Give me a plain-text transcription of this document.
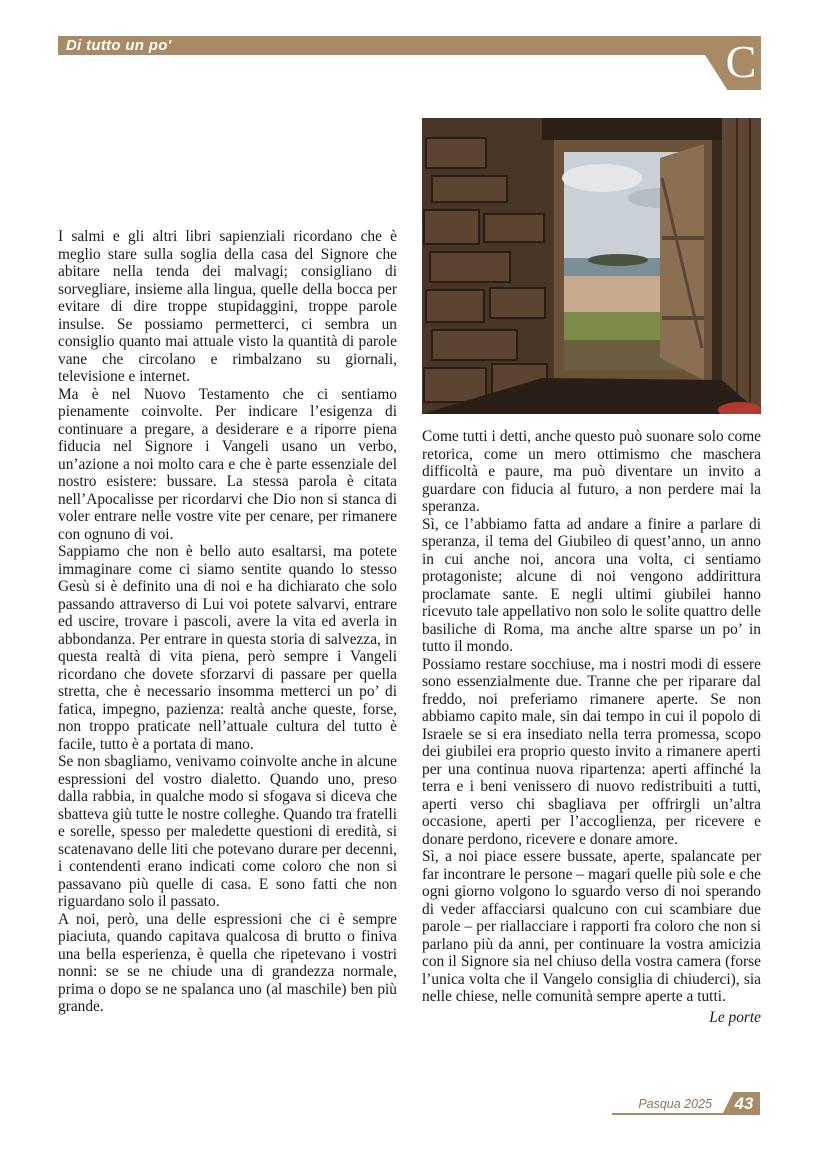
Di tutto un po'	C

I salmi e gli altri libri sapienziali ricordano che è meglio stare sulla soglia della casa del Signore che abitare nella tenda dei malvagi; consigliano di sorvegliare, insieme alla lingua, quelle della bocca per evitare di dire troppe stupidaggini, troppe parole insulse. Se possiamo permetterci, ci sembra un consiglio quanto mai attuale visto la quantità di parole vane che circolano e rimbalzano su giornali, televisione e internet.

Ma è nel Nuovo Testamento che ci sentiamo pienamente coinvolte. Per indicare l’esigenza di continuare a pregare, a desiderare e a riporre piena fiducia nel Signore i Vangeli usano un verbo, un’azione a noi molto cara e che è parte essenziale del nostro esistere: bussare. La stessa parola è citata nell’Apocalisse per ricordarvi che Dio non si stanca di voler entrare nelle vostre vite per cenare, per rimanere con ognuno di voi.

Sappiamo che non è bello auto esaltarsi, ma potete immaginare come ci siamo sentite quando lo stesso Gesù si è definito una di noi e ha dichiarato che solo passando attraverso di Lui voi potete salvarvi, entrare ed uscire, trovare i pascoli, avere la vita ed averla in abbondanza. Per entrare in questa storia di salvezza, in questa realtà di vita piena, però sempre i Vangeli ricordano che dovete sforzarvi di passare per quella stretta, che è necessario insomma metterci un po’ di fatica, impegno, pazienza: realtà anche queste, forse, non troppo praticate nell’attuale cultura del tutto è facile, tutto è a portata di mano.

Se non sbagliamo, venivamo coinvolte anche in alcune espressioni del vostro dialetto. Quando uno, preso dalla rabbia, in qualche modo si sfogava si diceva che sbatteva giù tutte le nostre colleghe. Quando tra fratelli e sorelle, spesso per maledette questioni di eredità, si scatenavano delle liti che potevano durare per decenni, i contendenti erano indicati come coloro che non si passavano più quelle di casa. E sono fatti che non riguardano solo il passato.

A noi, però, una delle espressioni che ci è sempre piaciuta, quando capitava qualcosa di brutto o finiva una bella esperienza, è quella che ripetevano i vostri nonni: se se ne chiude una di grandezza normale, prima o dopo se ne spalanca uno (al maschile) ben più grande.

Come tutti i detti, anche questo può suonare solo come retorica, come un mero ottimismo che maschera difficoltà e paure, ma può diventare un invito a guardare con fiducia al futuro, a non perdere mai la speranza.

Sì, ce l’abbiamo fatta ad andare a finire a parlare di speranza, il tema del Giubileo di quest’anno, un anno in cui anche noi, ancora una volta, ci sentiamo protagoniste; alcune di noi vengono addirittura proclamate sante. E negli ultimi giubilei hanno ricevuto tale appellativo non solo le solite quattro delle basiliche di Roma, ma anche altre sparse un po’ in tutto il mondo.

Possiamo restare socchiuse, ma i nostri modi di essere sono essenzialmente due. Tranne che per riparare dal freddo, noi preferiamo rimanere aperte. Se non abbiamo capito male, sin dai tempo in cui il popolo di Israele se si era insediato nella terra promessa, scopo dei giubilei era proprio questo invito a rimanere aperti per una continua nuova ripartenza: aperti affinché la terra e i beni venissero di nuovo redistribuiti a tutti, aperti verso chi sbagliava per offrirgli un’altra occasione, aperti per l’accoglienza, per ricevere e donare perdono, ricevere e donare amore.

Sì, a noi piace essere bussate, aperte, spalancate per far incontrare le persone – magari quelle più sole e che ogni giorno volgono lo sguardo verso di noi sperando di veder affacciarsi qualcuno con cui scambiare due parole – per riallacciare i rapporti fra coloro che non si parlano più da anni, per continuare la vostra amicizia con il Signore sia nel chiuso della vostra camera (forse l’unica volta che il Vangelo consiglia di chiuderci), sia nelle chiese, nelle comunità sempre aperte a tutti.

Le porte
Pasqua 2025	43
